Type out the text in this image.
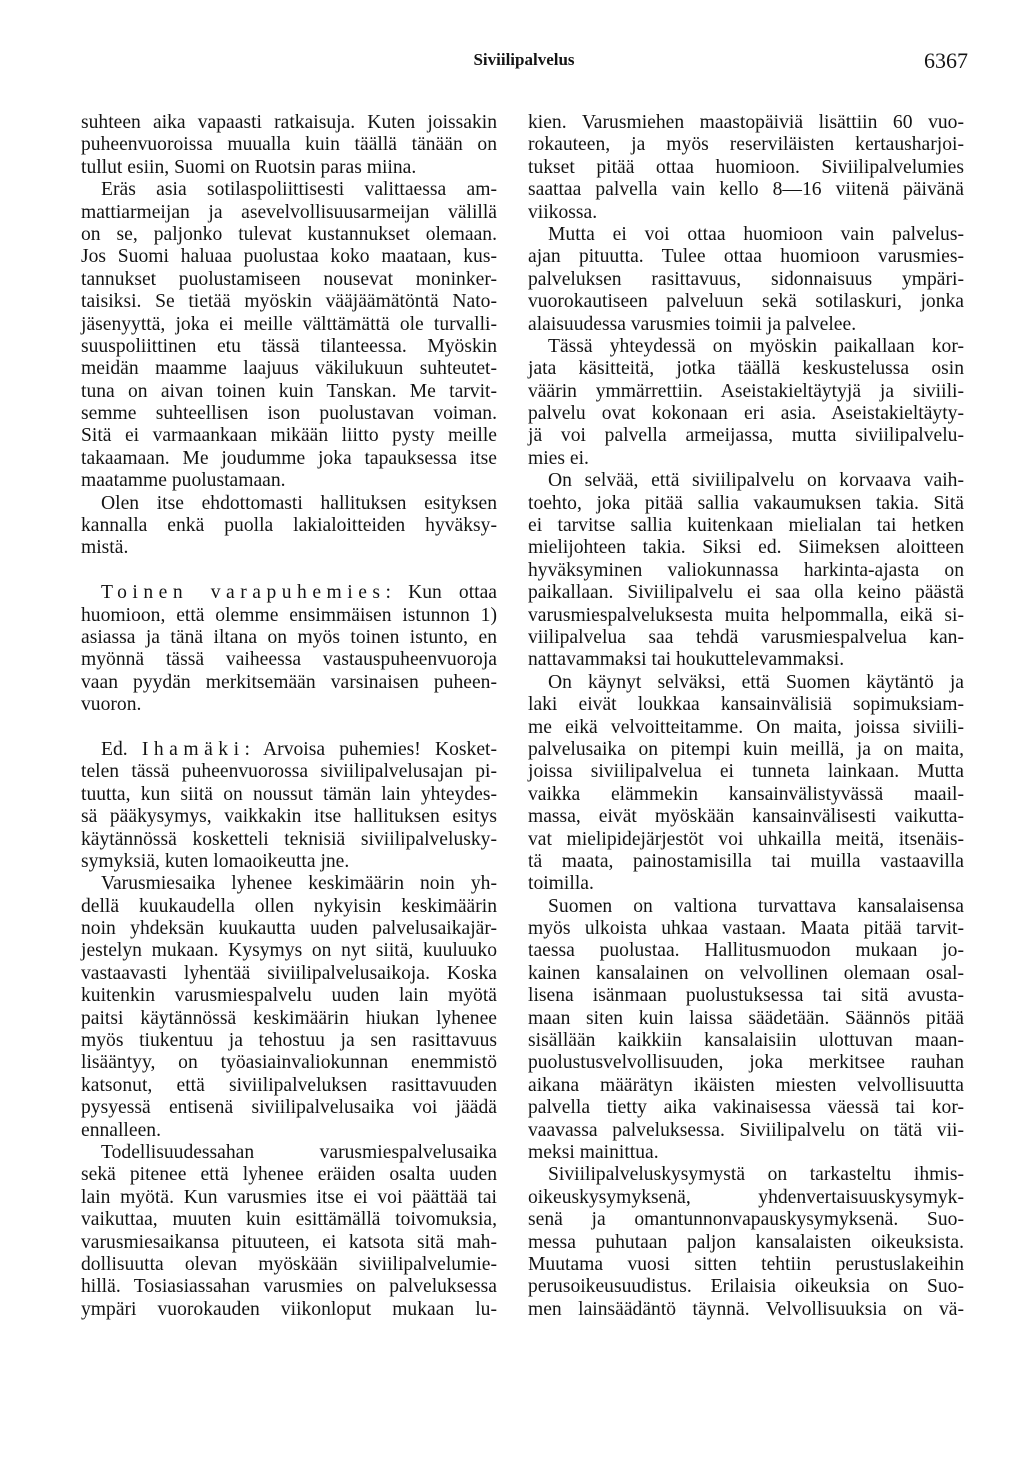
Siviilipalvelus	6367
suhteen aika vapaasti ratkaisuja. Kuten joissakin
puheenvuoroissa muualla kuin täällä tänään on
tullut esiin, Suomi on Ruotsin paras miina.
Eräs asia sotilaspoliittisesti valittaessa am-
mattiarmeijan ja asevelvollisuusarmeijan välillä
on se, paljonko tulevat kustannukset olemaan.
Jos Suomi haluaa puolustaa koko maataan, kus-
tannukset puolustamiseen nousevat moninker-
taisiksi. Se tietää myöskin vääjäämätöntä Nato-
jäsenyyttä, joka ei meille välttämättä ole turvalli-
suuspoliittinen etu tässä tilanteessa. Myöskin
meidän maamme laajuus väkilukuun suhteutet-
tuna on aivan toinen kuin Tanskan. Me tarvit-
semme suhteellisen ison puolustavan voiman.
Sitä ei varmaankaan mikään liitto pysty meille
takaamaan. Me joudumme joka tapauksessa itse
maatamme puolustamaan.
Olen itse ehdottomasti hallituksen esityksen
kannalla enkä puolla lakialoitteiden hyväksy-
mistä.
Toinen varapuhemies: Kun ottaa
huomioon, että olemme ensimmäisen istunnon 1)
asiassa ja tänä iltana on myös toinen istunto, en
myönnä tässä vaiheessa vastauspuheenvuoroja
vaan pyydän merkitsemään varsinaisen puheen-
vuoron.
Ed. Ihamäki: Arvoisa puhemies! Kosket-
telen tässä puheenvuorossa siviilipalvelusajan pi-
tuutta, kun siitä on noussut tämän lain yhteydes-
sä pääkysymys, vaikkakin itse hallituksen esitys
käytännössä kosketteli teknisiä siviilipalvelusky-
symyksiä, kuten lomaoikeutta jne.
Varusmiesaika lyhenee keskimäärin noin yh-
dellä kuukaudella ollen nykyisin keskimäärin
noin yhdeksän kuukautta uuden palvelusaikajär-
jestelyn mukaan. Kysymys on nyt siitä, kuuluuko
vastaavasti lyhentää siviilipalvelusaikoja. Koska
kuitenkin varusmiespalvelu uuden lain myötä
paitsi käytännössä keskimäärin hiukan lyhenee
myös tiukentuu ja tehostuu ja sen rasittavuus
lisääntyy, on työasiainvaliokunnan enemmistö
katsonut, että siviilipalveluksen rasittavuuden
pysyessä entisenä siviilipalvelusaika voi jäädä
ennalleen.
Todellisuudessahan varusmiespalvelusaika
sekä pitenee että lyhenee eräiden osalta uuden
lain myötä. Kun varusmies itse ei voi päättää tai
vaikuttaa, muuten kuin esittämällä toivomuksia,
varusmiesaikansa pituuteen, ei katsota sitä mah-
dollisuutta olevan myöskään siviilipalvelumie-
hillä. Tosiasiassahan varusmies on palveluksessa
ympäri vuorokauden viikonloput mukaan lu-
kien. Varusmiehen maastopäiviä lisättiin 60 vuo-
rokauteen, ja myös reserviläisten kertausharjoi-
tukset pitää ottaa huomioon. Siviilipalvelumies
saattaa palvella vain kello 8—16 viitenä päivänä
viikossa.
Mutta ei voi ottaa huomioon vain palvelus-
ajan pituutta. Tulee ottaa huomioon varusmies-
palveluksen rasittavuus, sidonnaisuus ympäri-
vuorokautiseen palveluun sekä sotilaskuri, jonka
alaisuudessa varusmies toimii ja palvelee.
Tässä yhteydessä on myöskin paikallaan kor-
jata käsitteitä, jotka täällä keskustelussa osin
väärin ymmärrettiin. Aseistakieltäytyjä ja siviili-
palvelu ovat kokonaan eri asia. Aseistakieltäyty-
jä voi palvella armeijassa, mutta siviilipalvelu-
mies ei.
On selvää, että siviilipalvelu on korvaava vaih-
toehto, joka pitää sallia vakaumuksen takia. Sitä
ei tarvitse sallia kuitenkaan mielialan tai hetken
mielijohteen takia. Siksi ed. Siimeksen aloitteen
hyväksyminen valiokunnassa harkinta-ajasta on
paikallaan. Siviilipalvelu ei saa olla keino päästä
varusmiespalveluksesta muita helpommalla, eikä si-
viilipalvelua saa tehdä varusmiespalvelua kan-
nattavammaksi tai houkuttelevammaksi.
On käynyt selväksi, että Suomen käytäntö ja
laki eivät loukkaa kansainvälisiä sopimuksiam-
me eikä velvoitteitamme. On maita, joissa siviili-
palvelusaika on pitempi kuin meillä, ja on maita,
joissa siviilipalvelua ei tunneta lainkaan. Mutta
vaikka elämmekin kansainvälistyvässä maail-
massa, eivät myöskään kansainvälisesti vaikutta-
vat mielipidejärjestöt voi uhkailla meitä, itsenäis-
tä maata, painostamisilla tai muilla vastaavilla
toimilla.
Suomen on valtiona turvattava kansalaisensa
myös ulkoista uhkaa vastaan. Maata pitää tarvit-
taessa puolustaa. Hallitusmuodon mukaan jo-
kainen kansalainen on velvollinen olemaan osal-
lisena isänmaan puolustuksessa tai sitä avusta-
maan siten kuin laissa säädetään. Säännös pitää
sisällään kaikkiin kansalaisiin ulottuvan maan-
puolustusvelvollisuuden, joka merkitsee rauhan
aikana määrätyn ikäisten miesten velvollisuutta
palvella tietty aika vakinaisessa väessä tai kor-
vaavassa palveluksessa. Siviilipalvelu on tätä vii-
meksi mainittua.
Siviilipalveluskysymystä on tarkasteltu ihmis-
oikeuskysymyksenä, yhdenvertaisuuskysymyk-
senä ja omantunnonvapauskysymyksenä. Suo-
messa puhutaan paljon kansalaisten oikeuksista.
Muutama vuosi sitten tehtiin perustuslakeihin
perusoikeusuudistus. Erilaisia oikeuksia on Suo-
men lainsäädäntö täynnä. Velvollisuuksia on vä-
